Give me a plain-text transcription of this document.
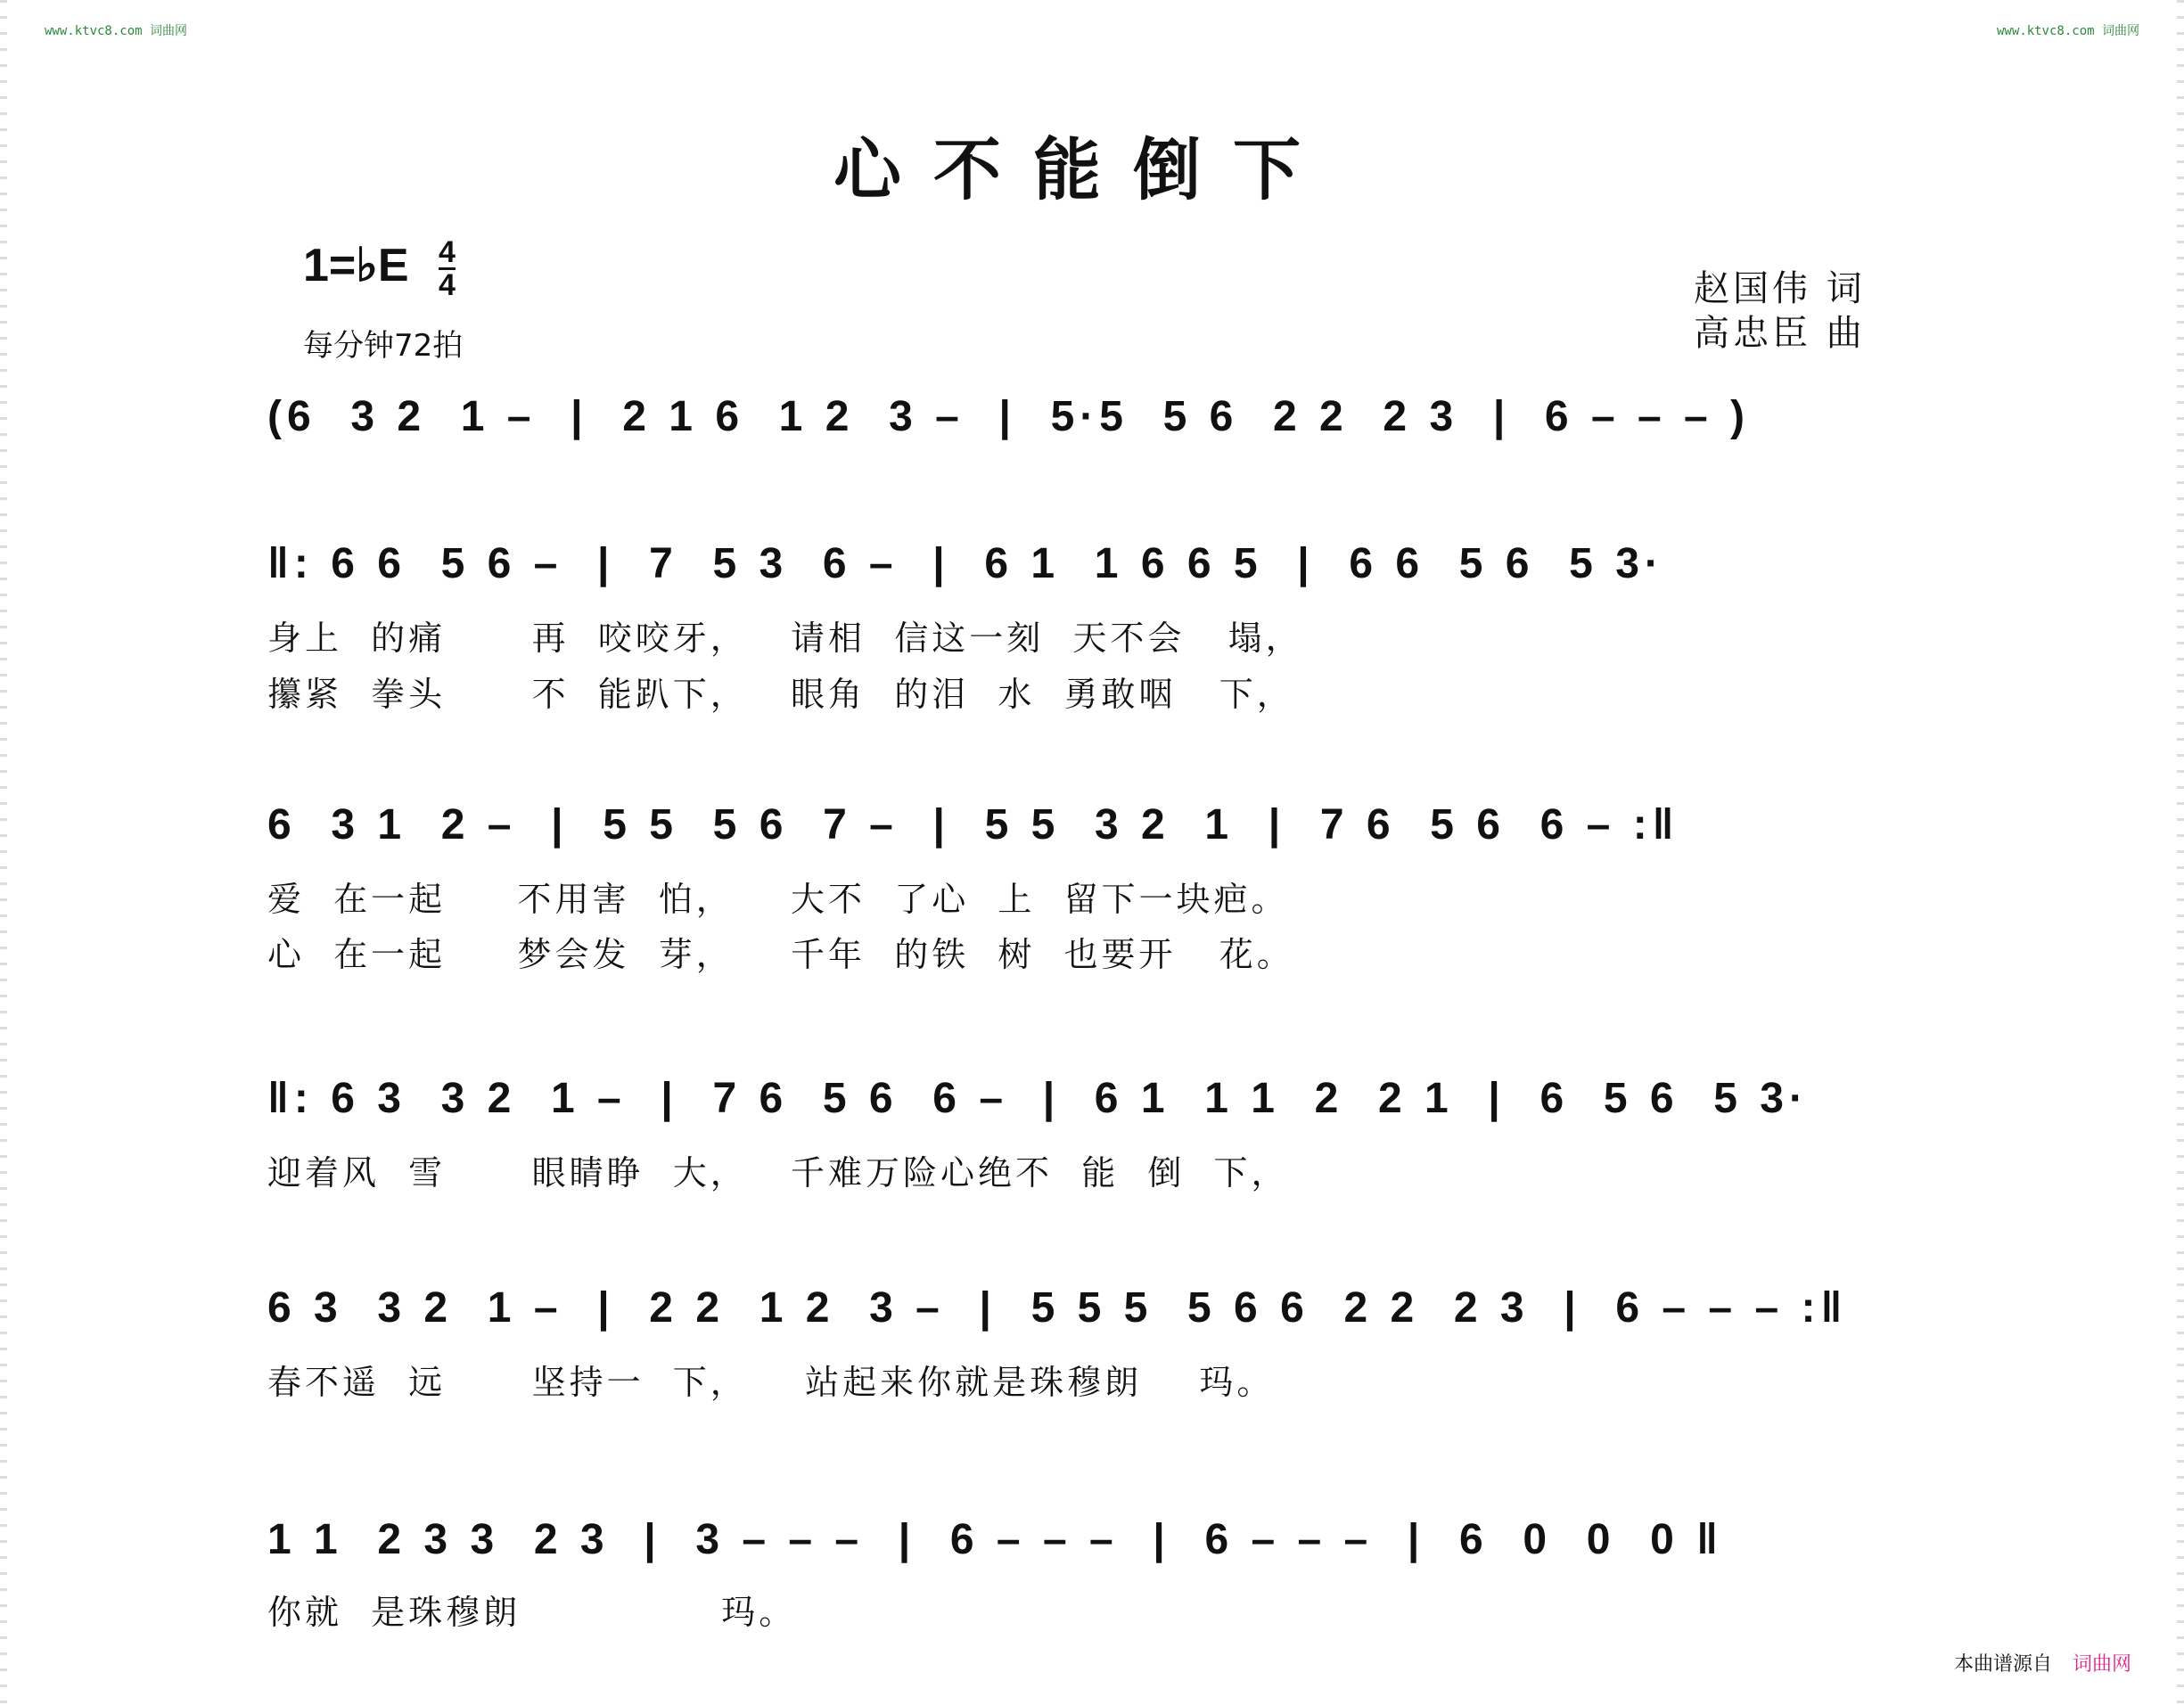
www.ktvc8.com 词曲网	www.ktvc8.com 词曲网
心不能倒下
1=♭E 4
4
每分钟72拍
赵国伟 词
高忠臣 曲
(6  3 2  1 –  |  2 1 6  1 2  3 –  |  5·5  5 6  2 2  2 3  |  6 – – – )
‖: 6 6  5 6 –  |  7  5 3  6 –  |  6 1  1 6 6 5  |  6 6  5 6  5 3·
身上  的痛      再  咬咬牙，   请相  信这一刻  天不会   塌，
攥紧  拳头      不  能趴下，   眼角  的泪  水  勇敢咽   下，
6  3 1  2 –  |  5 5  5 6  7 –  |  5 5  3 2  1  |  7 6  5 6  6 – :‖
爱  在一起     不用害  怕，    大不  了心  上  留下一块疤。
心  在一起     梦会发  芽，    千年  的铁  树  也要开   花。
‖: 6 3  3 2  1 –  |  7 6  5 6  6 –  |  6 1  1 1  2  2 1  |  6  5 6  5 3·
迎着风  雪      眼睛睁  大，   千难万险心绝不  能  倒  下，
6 3  3 2  1 –  |  2 2  1 2  3 –  |  5 5 5  5 6 6  2 2  2 3  |  6 – – – :‖
春不遥  远      坚持一  下，    站起来你就是珠穆朗    玛。
1 1  2 3 3  2 3  |  3 – – –  |  6 – – –  |  6 – – –  |  6  0  0  0 ‖
你就  是珠穆朗              玛。
本曲谱源自 词曲网
